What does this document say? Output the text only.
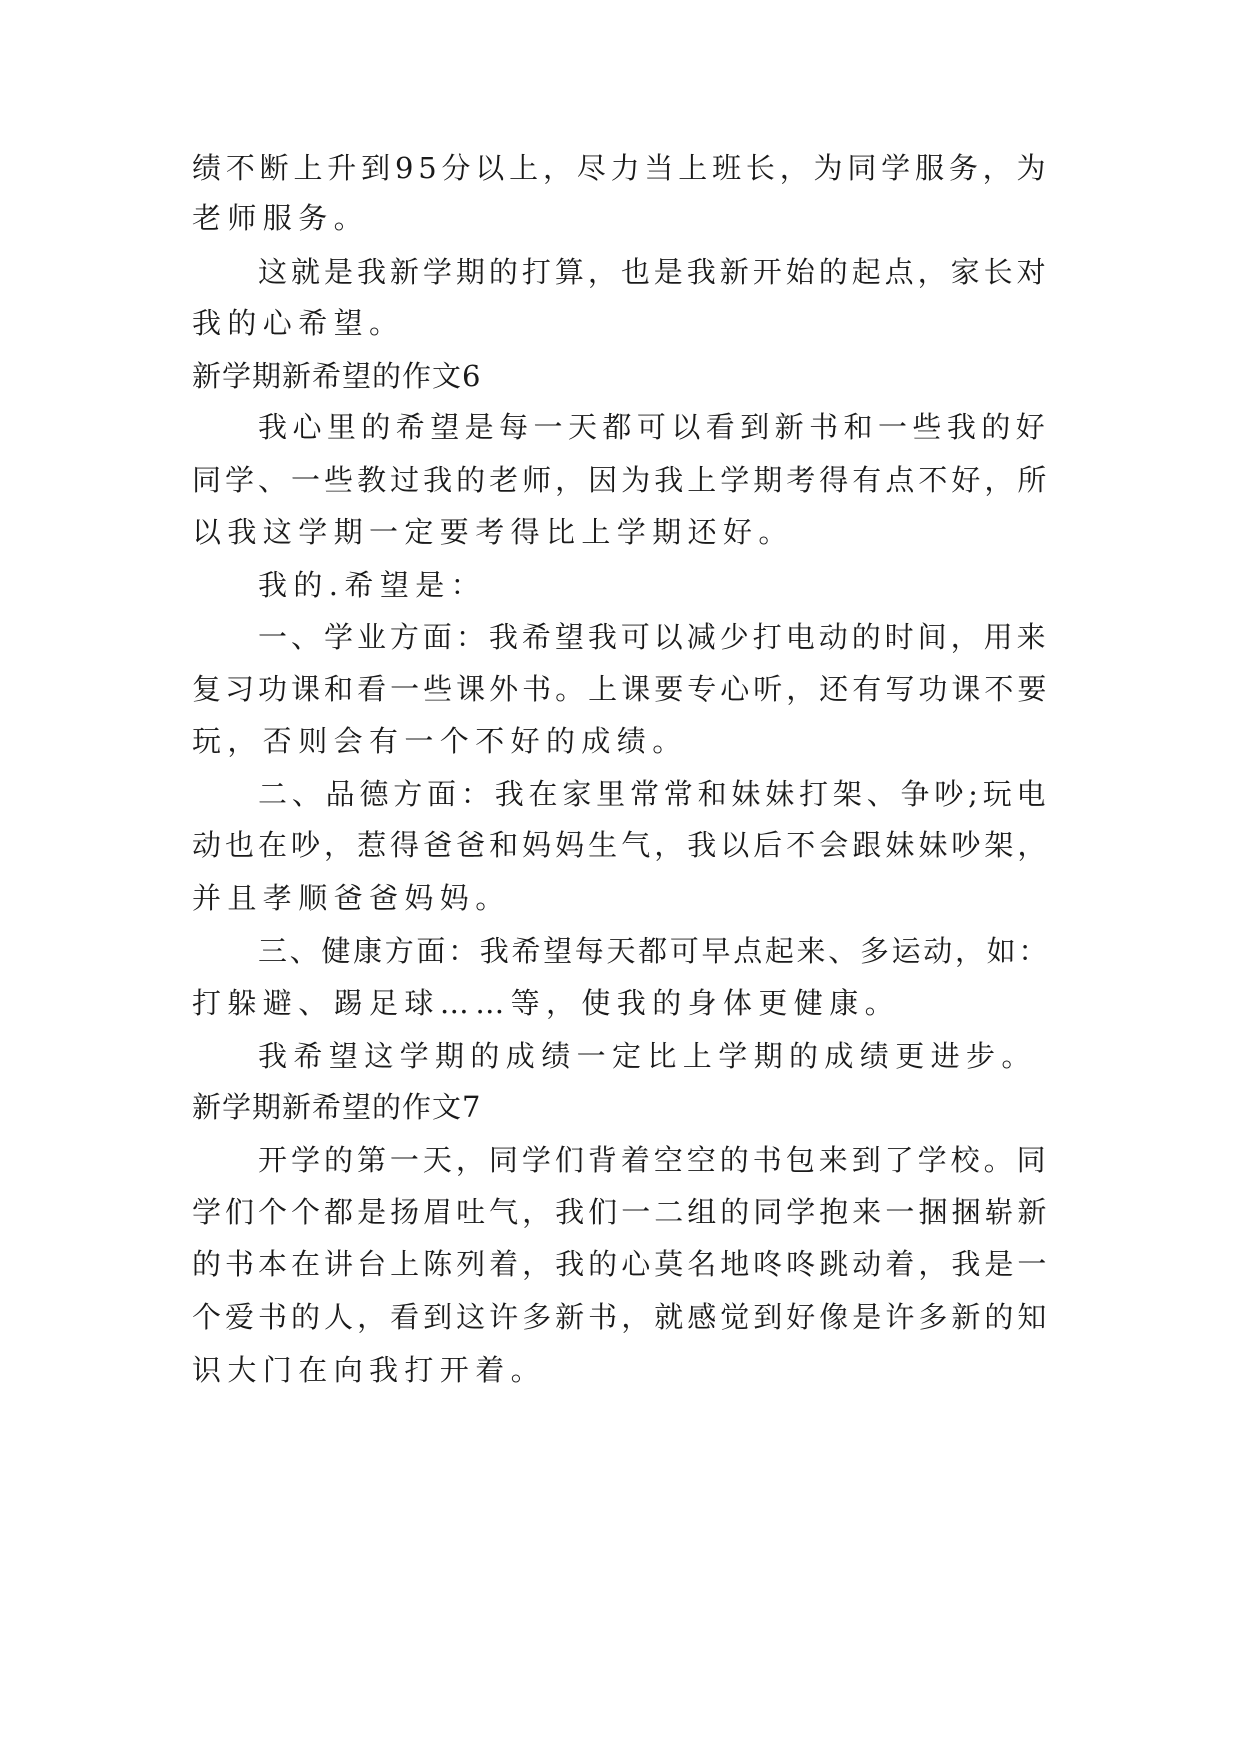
绩不断上升到95分以上，尽力当上班长，为同学服务，为

老师服务。

这就是我新学期的打算，也是我新开始的起点，家长对

我的心希望。

新学期新希望的作文6

我心里的希望是每一天都可以看到新书和一些我的好

同学、一些教过我的老师，因为我上学期考得有点不好，所

以我这学期一定要考得比上学期还好。

我的.希望是：

一、学业方面：我希望我可以减少打电动的时间，用来

复习功课和看一些课外书。上课要专心听，还有写功课不要

玩，否则会有一个不好的成绩。

二、品德方面：我在家里常常和妹妹打架、争吵;玩电

动也在吵，惹得爸爸和妈妈生气，我以后不会跟妹妹吵架，

并且孝顺爸爸妈妈。

三、健康方面：我希望每天都可早点起来、多运动，如：

打躲避、踢足球……等，使我的身体更健康。

我希望这学期的成绩一定比上学期的成绩更进步。

新学期新希望的作文7

开学的第一天，同学们背着空空的书包来到了学校。同

学们个个都是扬眉吐气，我们一二组的同学抱来一捆捆崭新

的书本在讲台上陈列着，我的心莫名地咚咚跳动着，我是一

个爱书的人，看到这许多新书，就感觉到好像是许多新的知

识大门在向我打开着。
